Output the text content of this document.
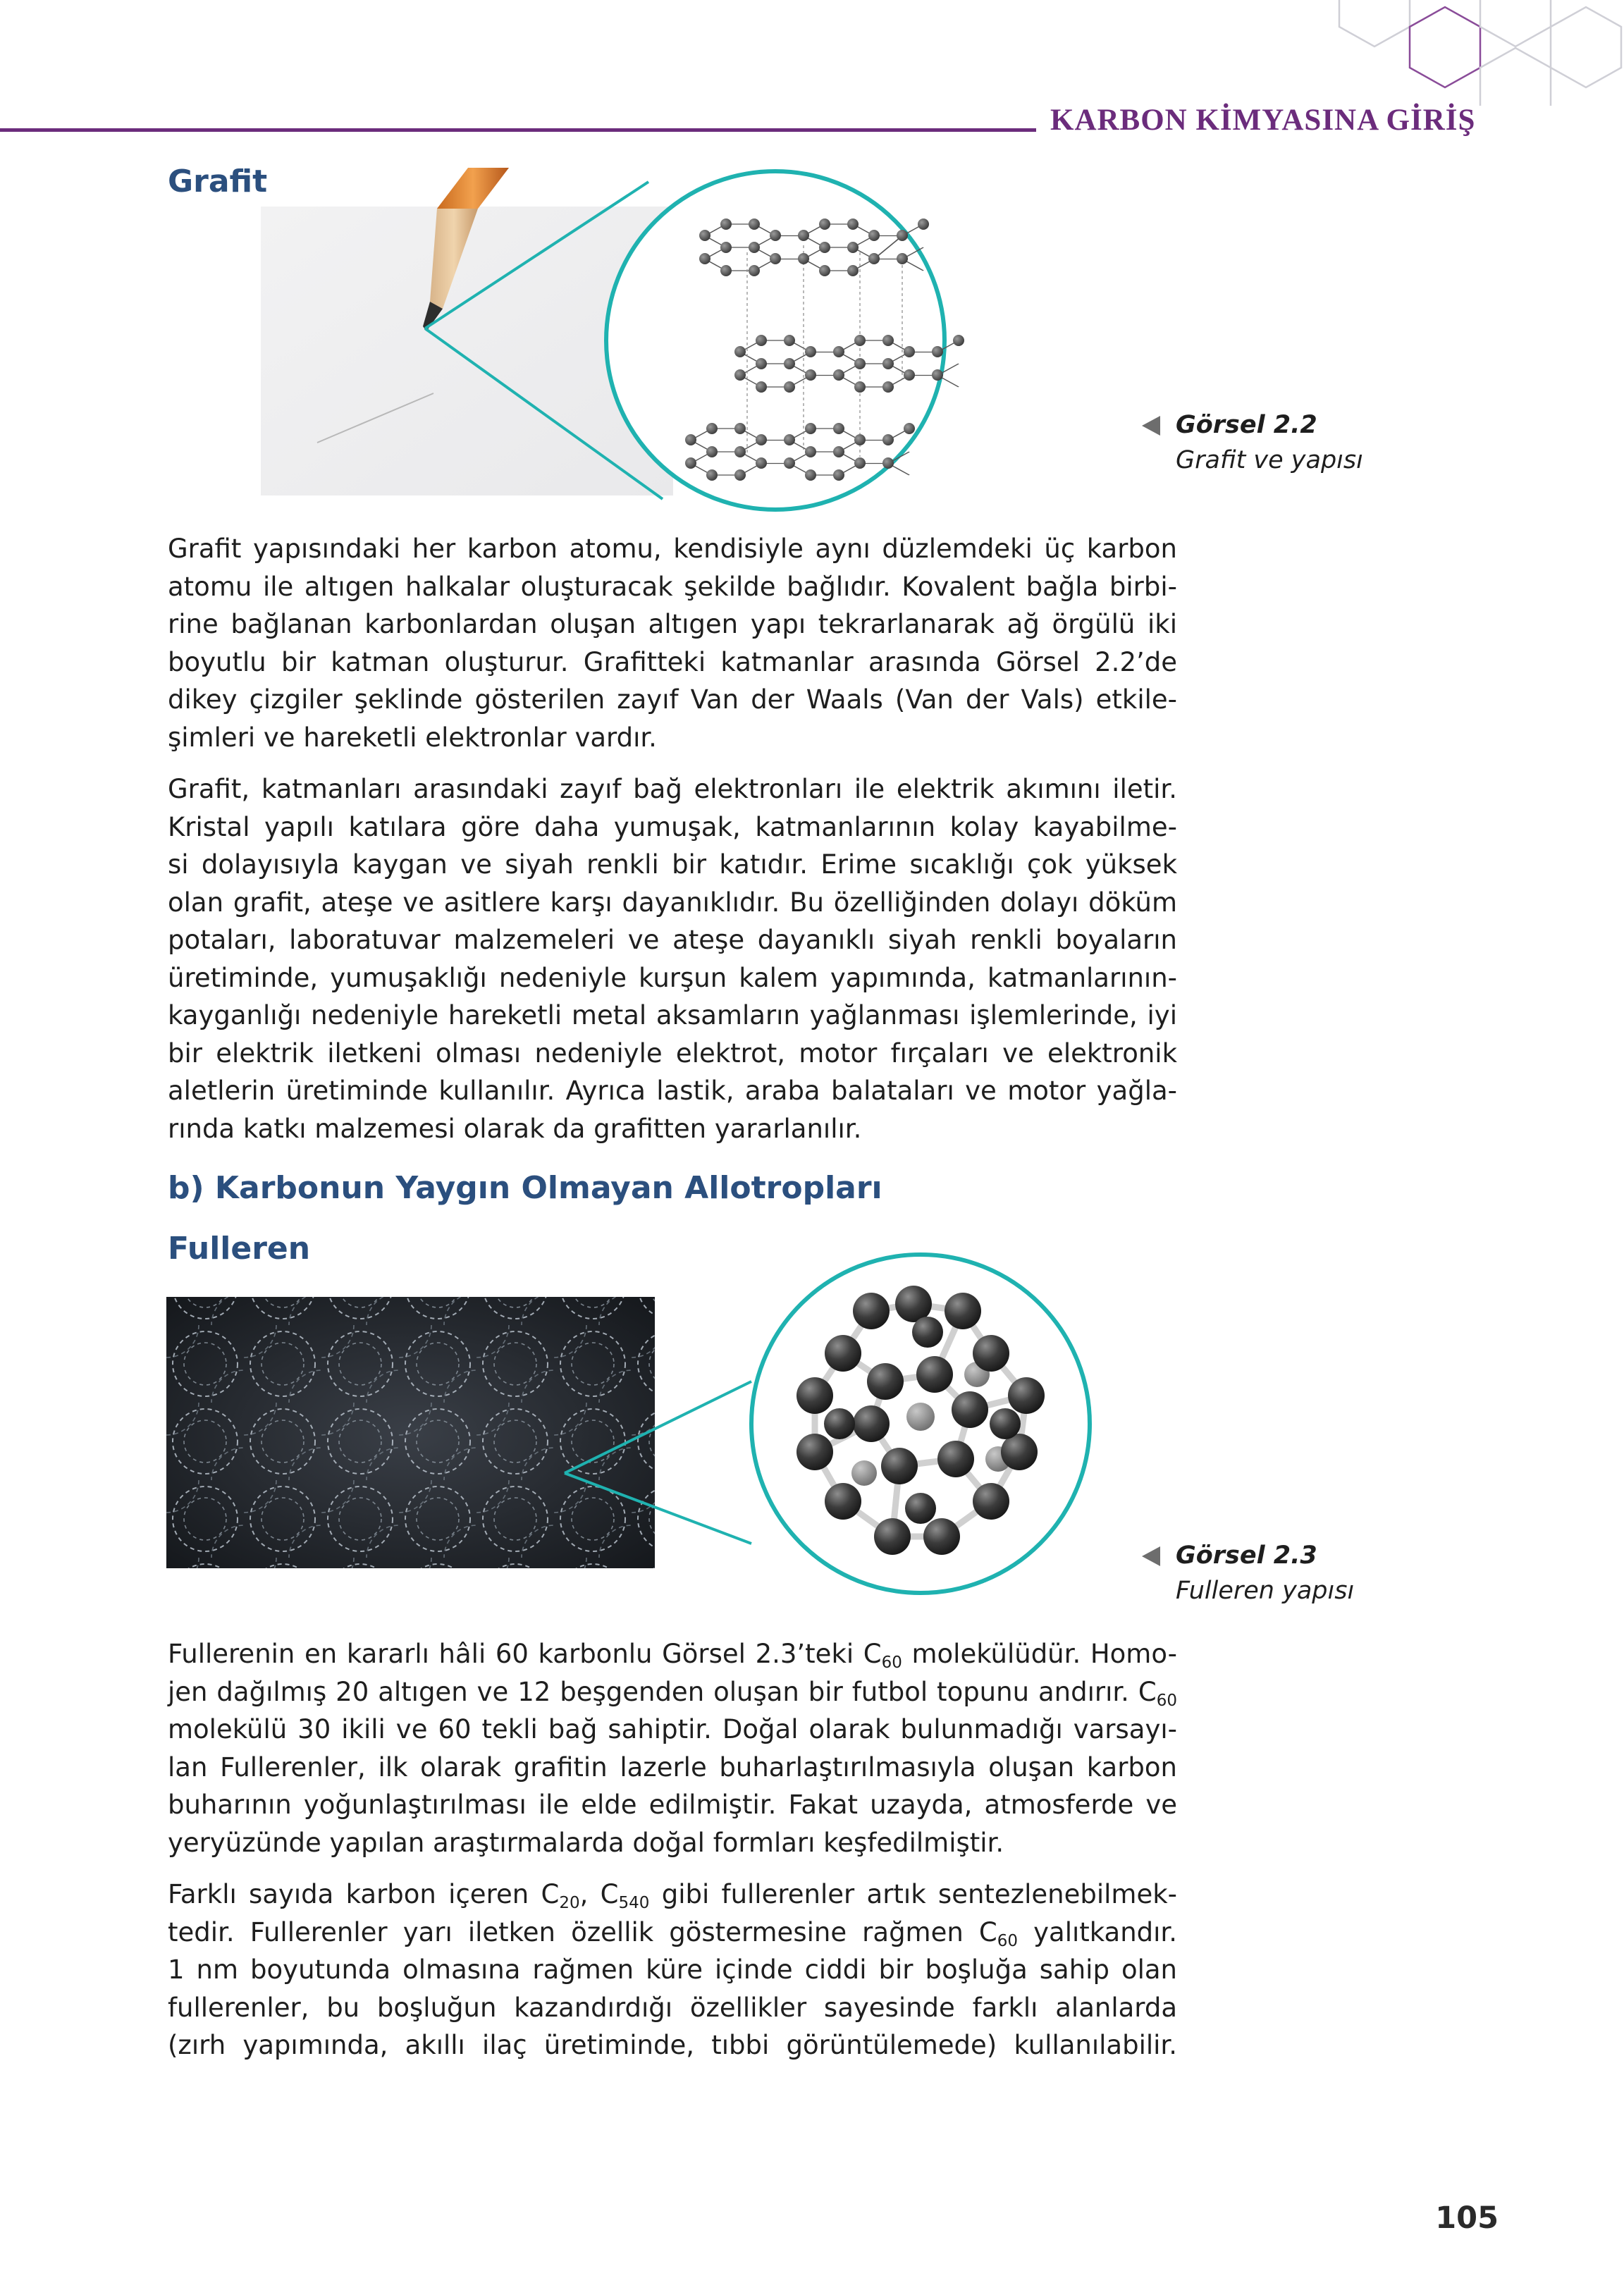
KARBON KİMYASINA GİRİŞ
Grafit
Görsel 2.2
Grafit ve yapısı
Grafit yapısındaki her karbon atomu, kendisiyle aynı düzlemdeki üç karbon
atomu ile altıgen halkalar oluşturacak şekilde bağlıdır. Kovalent bağla birbi-
rine bağlanan karbonlardan oluşan altıgen yapı tekrarlanarak ağ örgülü iki
boyutlu bir katman oluşturur. Grafitteki katmanlar arasında Görsel 2.2’de
dikey çizgiler şeklinde gösterilen zayıf Van der Waals (Van der Vals) etkile-
şimleri ve hareketli elektronlar vardır.
Grafit, katmanları arasındaki zayıf bağ elektronları ile elektrik akımını iletir.
Kristal yapılı katılara göre daha yumuşak, katmanlarının kolay kayabilme-
si dolayısıyla kaygan ve siyah renkli bir katıdır. Erime sıcaklığı çok yüksek
olan grafit, ateşe ve asitlere karşı dayanıklıdır. Bu özelliğinden dolayı döküm
potaları, laboratuvar malzemeleri ve ateşe dayanıklı siyah renkli boyaların
üretiminde, yumuşaklığı nedeniyle kurşun kalem yapımında, katmanlarının-
kayganlığı nedeniyle hareketli metal aksamların yağlanması işlemlerinde, iyi
bir elektrik iletkeni olması nedeniyle elektrot, motor fırçaları ve elektronik
aletlerin üretiminde kullanılır. Ayrıca lastik, araba balataları ve motor yağla-
rında katkı malzemesi olarak da grafitten yararlanılır.
b) Karbonun Yaygın Olmayan Allotropları
Fulleren
Görsel 2.3
Fulleren yapısı
Fullerenin en kararlı hâli 60 karbonlu Görsel 2.3’teki $C_{60}$ molekülüdür. Homo-
jen dağılmış 20 altıgen ve 12 beşgenden oluşan bir futbol topunu andırır. $C_{60}$
molekülü 30 ikili ve 60 tekli bağ sahiptir. Doğal olarak bulunmadığı varsayı-
lan Fullerenler, ilk olarak grafitin lazerle buharlaştırılmasıyla oluşan karbon
buharının yoğunlaştırılması ile elde edilmiştir. Fakat uzayda, atmosferde ve
yeryüzünde yapılan araştırmalarda doğal formları keşfedilmiştir.
Farklı sayıda karbon içeren $C_{20}$, $C_{540}$ gibi fullerenler artık sentezlenebilmek-
tedir. Fullerenler yarı iletken özellik göstermesine rağmen $C_{60}$ yalıtkandır.
1 nm boyutunda olmasına rağmen küre içinde ciddi bir boşluğa sahip olan
fullerenler, bu boşluğun kazandırdığı özellikler sayesinde farklı alanlarda
(zırh yapımında, akıllı ilaç üretiminde, tıbbi görüntülemede) kullanılabilir.
105
